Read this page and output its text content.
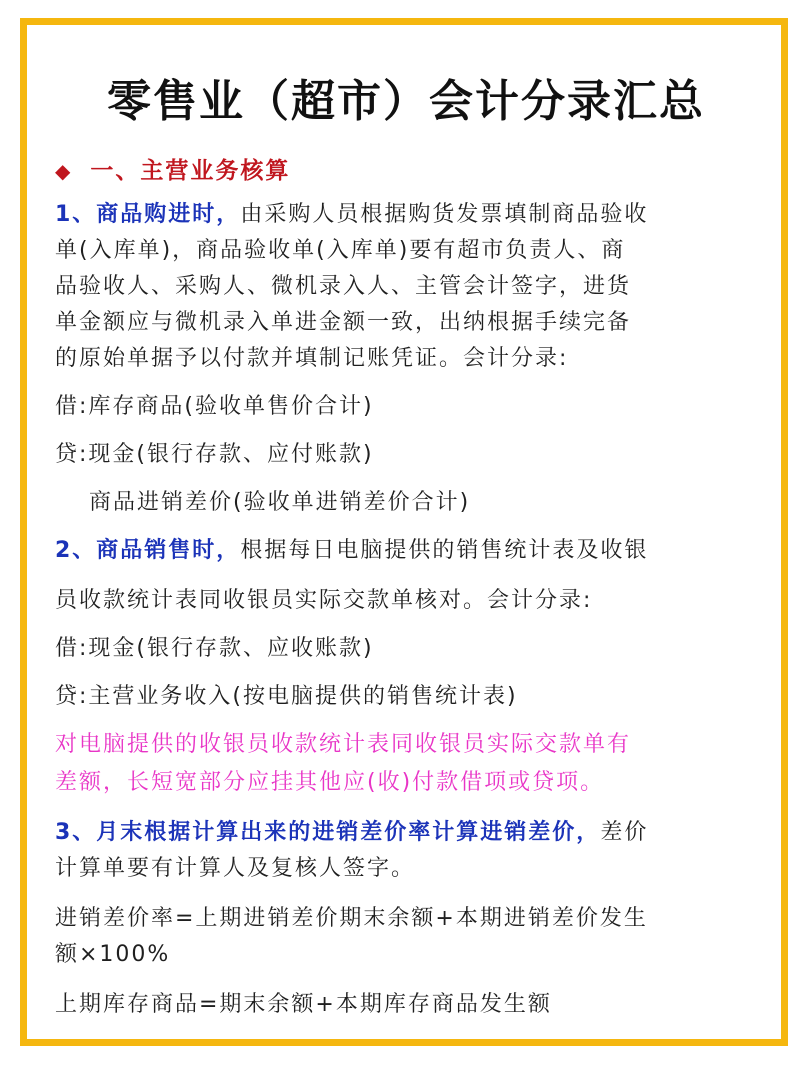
零售业（超市）会计分录汇总
◆ 一、主营业务核算
1、商品购进时，由采购人员根据购货发票填制商品验收
单(入库单)，商品验收单(入库单)要有超市负责人、商
品验收人、采购人、微机录入人、主管会计签字，进货
单金额应与微机录入单进金额一致，出纳根据手续完备
的原始单据予以付款并填制记账凭证。会计分录:
借:库存商品(验收单售价合计)
贷:现金(银行存款、应付账款)
商品进销差价(验收单进销差价合计)
2、商品销售时，根据每日电脑提供的销售统计表及收银
员收款统计表同收银员实际交款单核对。会计分录:
借:现金(银行存款、应收账款)
贷:主营业务收入(按电脑提供的销售统计表)
对电脑提供的收银员收款统计表同收银员实际交款单有
差额，长短宽部分应挂其他应(收)付款借项或贷项。
3、月末根据计算出来的进销差价率计算进销差价，差价
计算单要有计算人及复核人签字。
进销差价率=上期进销差价期末余额+本期进销差价发生
额×100%
上期库存商品=期末余额+本期库存商品发生额
